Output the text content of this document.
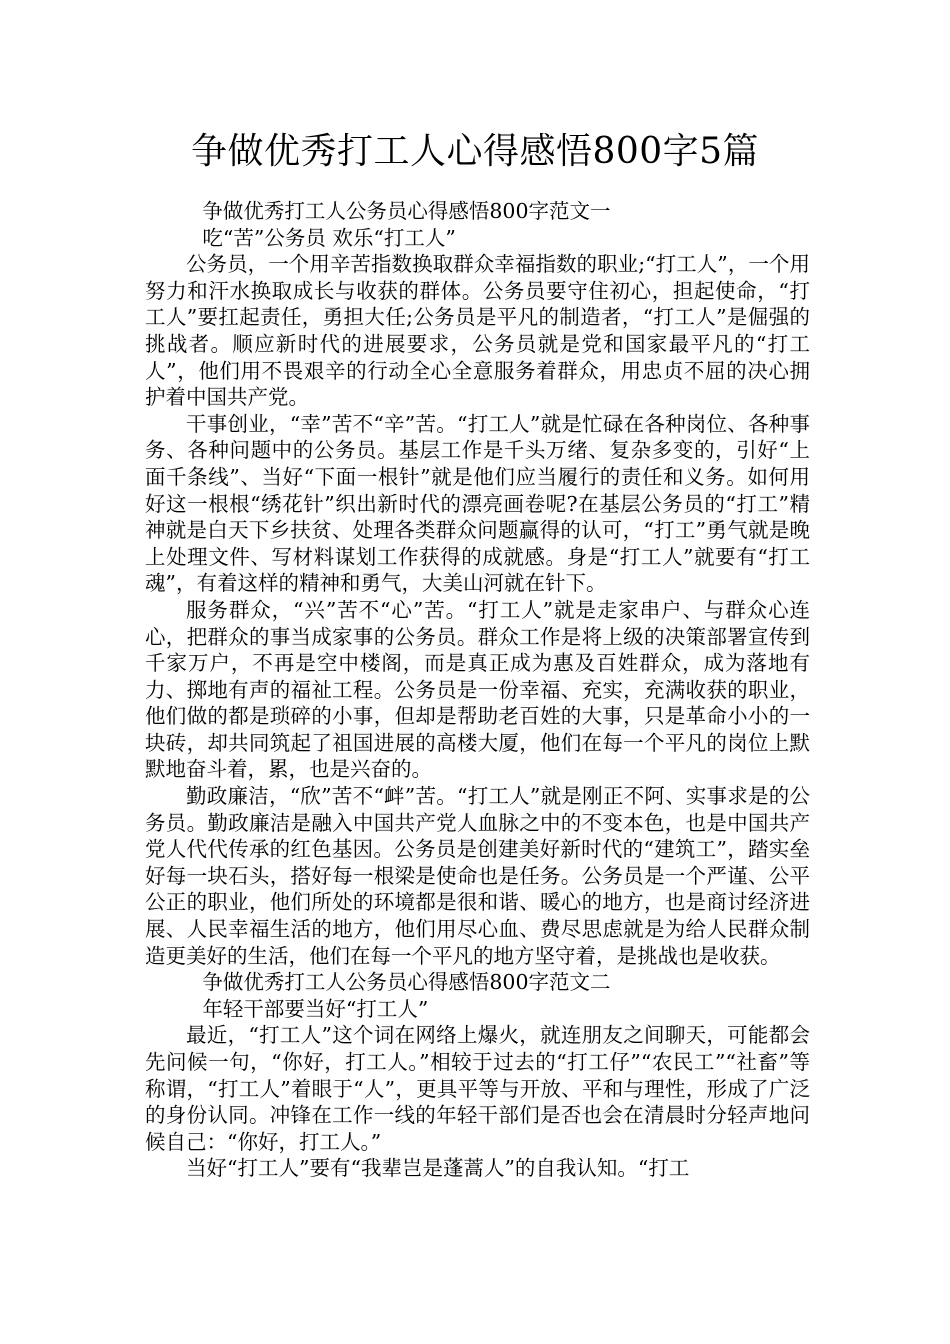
争做优秀打工人心得感悟800字5篇

争做优秀打工人公务员心得感悟800字范文一

吃“苦”公务员 欢乐“打工人”

公务员，一个用辛苦指数换取群众幸福指数的职业;“打工人”，一个用努力和汗水换取成长与收获的群体。公务员要守住初心，担起使命，“打工人”要扛起责任，勇担大任;公务员是平凡的制造者，“打工人”是倔强的挑战者。顺应新时代的进展要求，公务员就是党和国家最平凡的“打工人”，他们用不畏艰辛的行动全心全意服务着群众，用忠贞不屈的决心拥护着中国共产党。

干事创业，“幸”苦不“辛”苦。“打工人”就是忙碌在各种岗位、各种事务、各种问题中的公务员。基层工作是千头万绪、复杂多变的，引好“上面千条线”、当好“下面一根针”就是他们应当履行的责任和义务。如何用好这一根根“绣花针”织出新时代的漂亮画卷呢?在基层公务员的“打工”精神就是白天下乡扶贫、处理各类群众问题赢得的认可，“打工”勇气就是晚上处理文件、写材料谋划工作获得的成就感。身是“打工人”就要有“打工魂”，有着这样的精神和勇气，大美山河就在针下。

服务群众，“兴”苦不“心”苦。“打工人”就是走家串户、与群众心连心，把群众的事当成家事的公务员。群众工作是将上级的决策部署宣传到千家万户，不再是空中楼阁，而是真正成为惠及百姓群众，成为落地有力、掷地有声的福祉工程。公务员是一份幸福、充实，充满收获的职业，他们做的都是琐碎的小事，但却是帮助老百姓的大事，只是革命小小的一块砖，却共同筑起了祖国进展的高楼大厦，他们在每一个平凡的岗位上默默地奋斗着，累，也是兴奋的。

勤政廉洁，“欣”苦不“衅”苦。“打工人”就是刚正不阿、实事求是的公务员。勤政廉洁是融入中国共产党人血脉之中的不变本色，也是中国共产党人代代传承的红色基因。公务员是创建美好新时代的“建筑工”，踏实垒好每一块石头，搭好每一根梁是使命也是任务。公务员是一个严谨、公平公正的职业，他们所处的环境都是很和谐、暖心的地方，也是商讨经济进展、人民幸福生活的地方，他们用尽心血、费尽思虑就是为给人民群众制造更美好的生活，他们在每一个平凡的地方坚守着，是挑战也是收获。

争做优秀打工人公务员心得感悟800字范文二

年轻干部要当好“打工人”

最近，“打工人”这个词在网络上爆火，就连朋友之间聊天，可能都会先问候一句，“你好，打工人。”相较于过去的“打工仔”“农民工”“社畜”等称谓，“打工人”着眼于“人”，更具平等与开放、平和与理性，形成了广泛的身份认同。冲锋在工作一线的年轻干部们是否也会在清晨时分轻声地问候自己：“你好，打工人。”

当好“打工人”要有“我辈岂是蓬蒿人”的自我认知。“打工
